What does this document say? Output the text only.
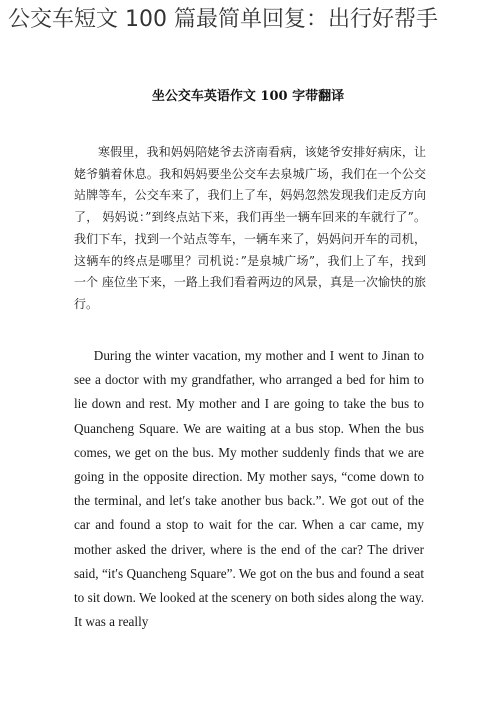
公交车短文 100 篇最简单回复：出行好帮手
坐公交车英语作文 100 字带翻译

寒假里，我和妈妈陪姥爷去济南看病，该姥爷安排好病床，让姥爷躺着休息。我和妈妈要坐公交车去泉城广场，我们在一个公交站牌等车，公交车来了，我们上了车，妈妈忽然发现我们走反方向了， 妈妈说：”到终点站下来，我们再坐一辆车回来的车就行了”。我们下车，找到一个站点等车，一辆车来了，妈妈问开车的司机，这辆车的终点是哪里？司机说：”是泉城广场”，我们上了车，找到一个 座位坐下来，一路上我们看着两边的风景，真是一次愉快的旅行。

During the winter vacation, my mother and I went to Jinan to see a doctor with my grandfather, who arranged a bed for him to lie down and rest. My mother and I are going to take the bus to Quancheng Square. We are waiting at a bus stop. When the bus comes, we get on the bus. My mother suddenly finds that we are going in the opposite direction. My mother says, “come down to the terminal, and let′s take another bus back.”. We got out of the car and found a stop to wait for the car. When a car came, my mother asked the driver, where is the end of the car? The driver said, “it′s Quancheng Square”. We got on the bus and found a seat to sit down. We looked at the scenery on both sides along the way. It was a really
